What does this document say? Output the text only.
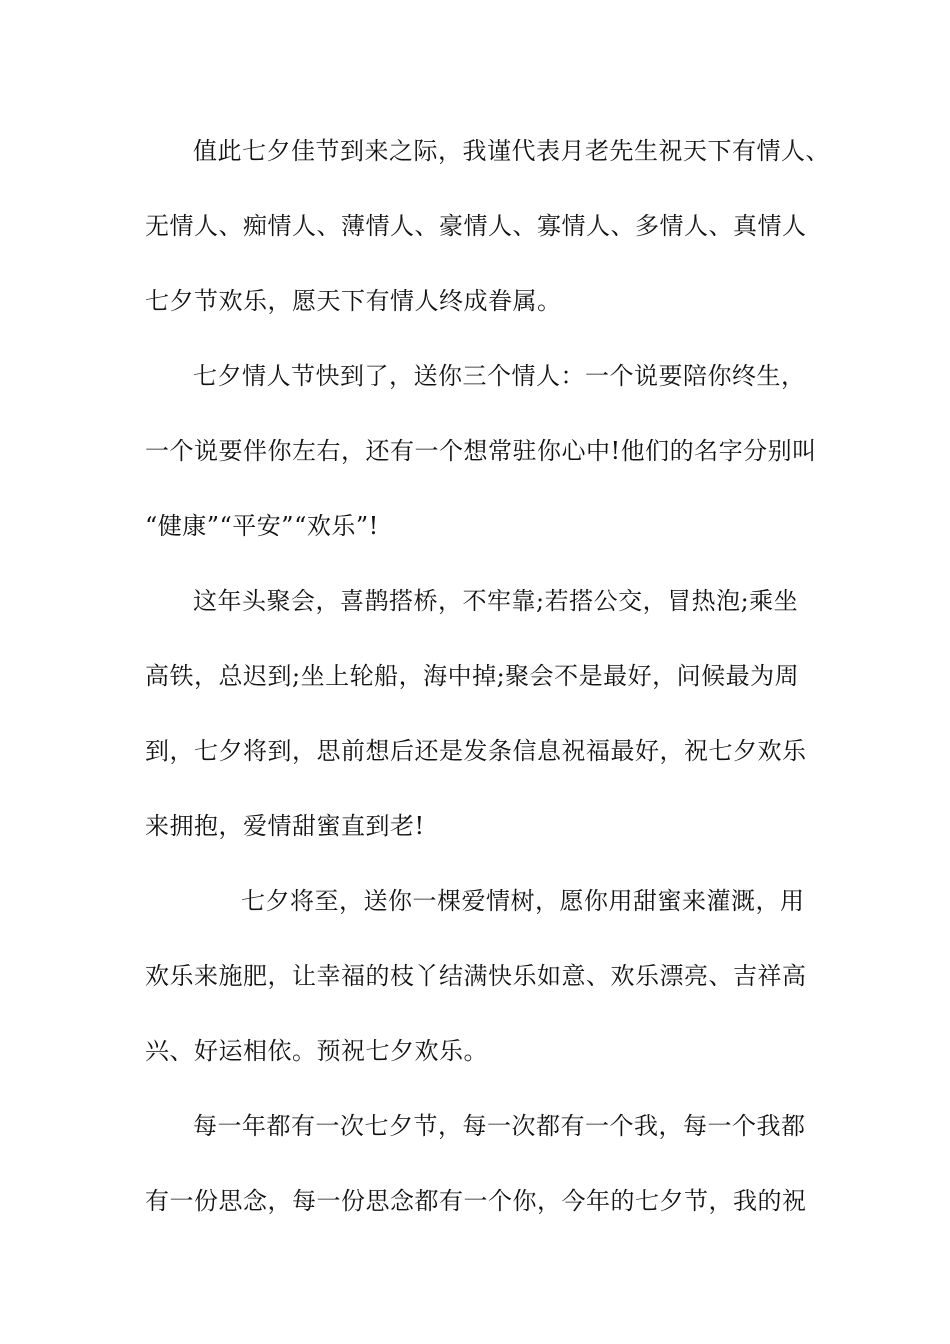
值此七夕佳节到来之际，我谨代表月老先生祝天下有情人、
无情人、痴情人、薄情人、豪情人、寡情人、多情人、真情人
七夕节欢乐，愿天下有情人终成眷属。
七夕情人节快到了，送你三个情人：一个说要陪你终生，
一个说要伴你左右，还有一个想常驻你心中!他们的名字分别叫
“健康”“平安”“欢乐”!
这年头聚会，喜鹊搭桥，不牢靠;若搭公交，冒热泡;乘坐
高铁，总迟到;坐上轮船，海中掉;聚会不是最好，问候最为周
到，七夕将到，思前想后还是发条信息祝福最好，祝七夕欢乐
来拥抱，爱情甜蜜直到老!
七夕将至，送你一棵爱情树，愿你用甜蜜来灌溉，用
欢乐来施肥，让幸福的枝丫结满快乐如意、欢乐漂亮、吉祥高
兴、好运相依。预祝七夕欢乐。
每一年都有一次七夕节，每一次都有一个我，每一个我都
有一份思念，每一份思念都有一个你，今年的七夕节，我的祝
